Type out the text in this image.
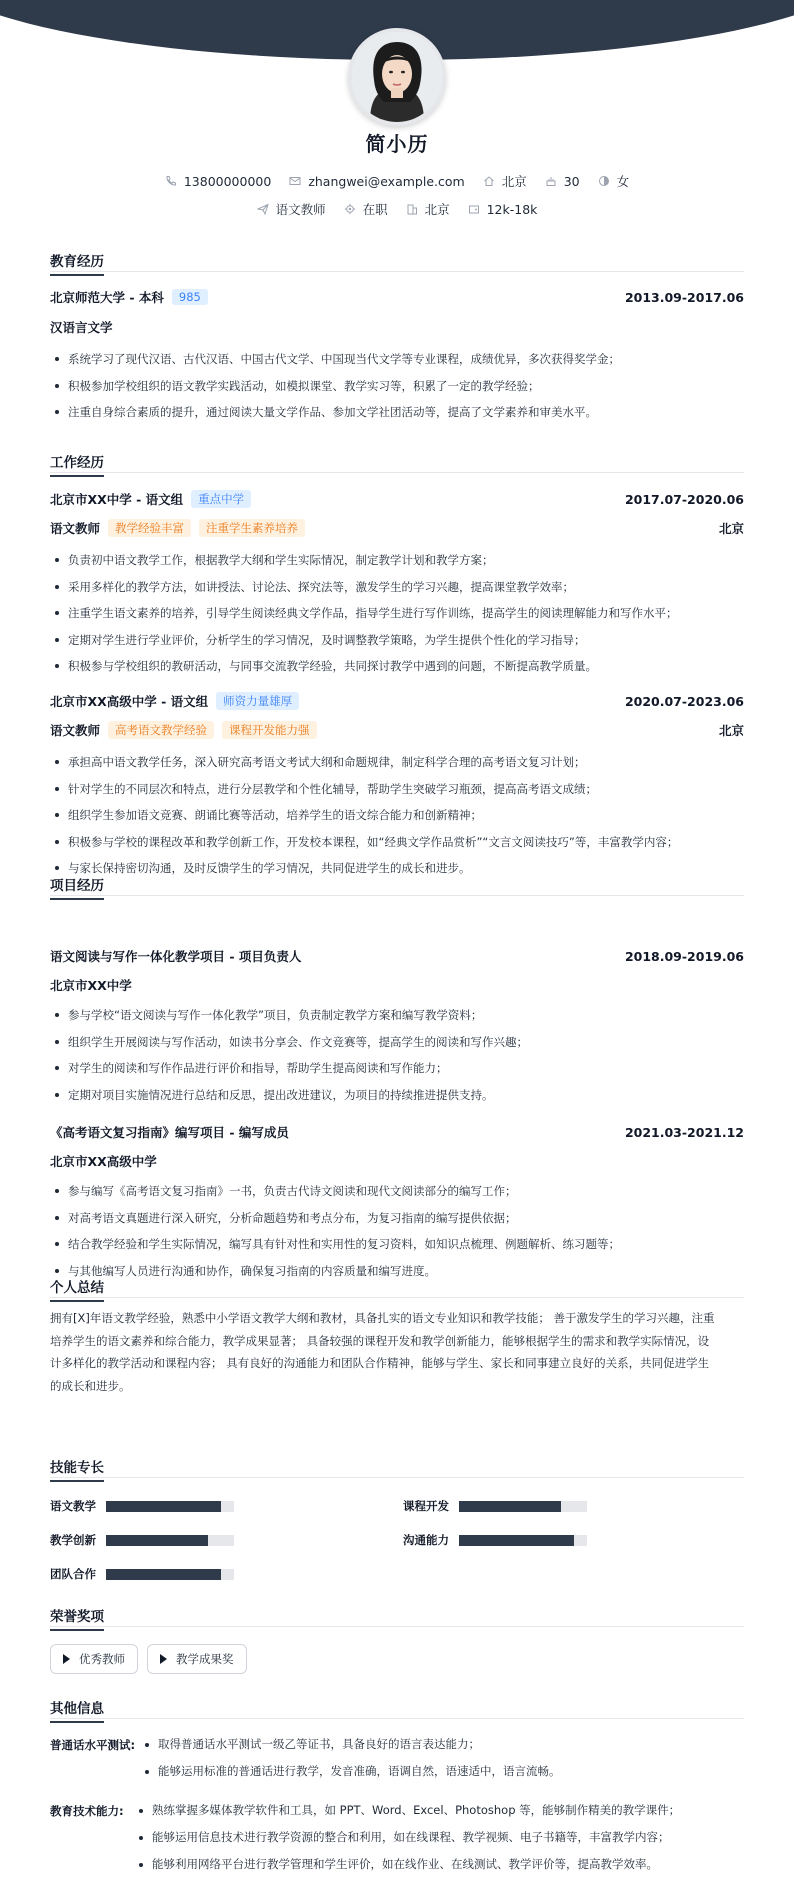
简小历
13800000000	zhangwei@example.com	北京	30	女
语文教师	在职	北京	12k-18k
教育经历
北京师范大学 - 本科	985	2013.09-2017.06
汉语言文学
系统学习了现代汉语、古代汉语、中国古代文学、中国现当代文学等专业课程，成绩优异，多次获得奖学金；
积极参加学校组织的语文教学实践活动，如模拟课堂、教学实习等，积累了一定的教学经验；
注重自身综合素质的提升，通过阅读大量文学作品、参加文学社团活动等，提高了文学素养和审美水平。
工作经历
北京市XX中学 - 语文组	重点中学	2017.07-2020.06
语文教师	教学经验丰富	注重学生素养培养	北京
负责初中语文教学工作，根据教学大纲和学生实际情况，制定教学计划和教学方案；
采用多样化的教学方法，如讲授法、讨论法、探究法等，激发学生的学习兴趣，提高课堂教学效率；
注重学生语文素养的培养，引导学生阅读经典文学作品，指导学生进行写作训练，提高学生的阅读理解能力和写作水平；
定期对学生进行学业评价，分析学生的学习情况，及时调整教学策略，为学生提供个性化的学习指导；
积极参与学校组织的教研活动，与同事交流教学经验，共同探讨教学中遇到的问题，不断提高教学质量。
北京市XX高级中学 - 语文组	师资力量雄厚	2020.07-2023.06
语文教师	高考语文教学经验	课程开发能力强	北京
承担高中语文教学任务，深入研究高考语文考试大纲和命题规律，制定科学合理的高考语文复习计划；
针对学生的不同层次和特点，进行分层教学和个性化辅导，帮助学生突破学习瓶颈，提高高考语文成绩；
组织学生参加语文竞赛、朗诵比赛等活动，培养学生的语文综合能力和创新精神；
积极参与学校的课程改革和教学创新工作，开发校本课程，如“经典文学作品赏析”“文言文阅读技巧”等，丰富教学内容；
与家长保持密切沟通，及时反馈学生的学习情况，共同促进学生的成长和进步。
项目经历
语文阅读与写作一体化教学项目 - 项目负责人	2018.09-2019.06
北京市XX中学
参与学校“语文阅读与写作一体化教学”项目，负责制定教学方案和编写教学资料；
组织学生开展阅读与写作活动，如读书分享会、作文竞赛等，提高学生的阅读和写作兴趣；
对学生的阅读和写作作品进行评价和指导，帮助学生提高阅读和写作能力；
定期对项目实施情况进行总结和反思，提出改进建议，为项目的持续推进提供支持。
《高考语文复习指南》编写项目 - 编写成员	2021.03-2021.12
北京市XX高级中学
参与编写《高考语文复习指南》一书，负责古代诗文阅读和现代文阅读部分的编写工作；
对高考语文真题进行深入研究，分析命题趋势和考点分布，为复习指南的编写提供依据；
结合教学经验和学生实际情况，编写具有针对性和实用性的复习资料，如知识点梳理、例题解析、练习题等；
与其他编写人员进行沟通和协作，确保复习指南的内容质量和编写进度。
个人总结
拥有[X]年语文教学经验，熟悉中小学语文教学大纲和教材，具备扎实的语文专业知识和教学技能； 善于激发学生的学习兴趣，注重
培养学生的语文素养和综合能力，教学成果显著； 具备较强的课程开发和教学创新能力，能够根据学生的需求和教学实际情况，设
计多样化的教学活动和课程内容； 具有良好的沟通能力和团队合作精神，能够与学生、家长和同事建立良好的关系，共同促进学生
的成长和进步。
技能专长
语文教学	课程开发
教学创新	沟通能力
团队合作
荣誉奖项
优秀教师	教学成果奖
其他信息
普通话水平测试:	取得普通话水平测试一级乙等证书，具备良好的语言表达能力；
能够运用标准的普通话进行教学，发音准确，语调自然，语速适中，语言流畅。
教育技术能力:	熟练掌握多媒体教学软件和工具，如 PPT、Word、Excel、Photoshop 等，能够制作精美的教学课件；
能够运用信息技术进行教学资源的整合和利用，如在线课程、教学视频、电子书籍等，丰富教学内容；
能够利用网络平台进行教学管理和学生评价，如在线作业、在线测试、教学评价等，提高教学效率。
